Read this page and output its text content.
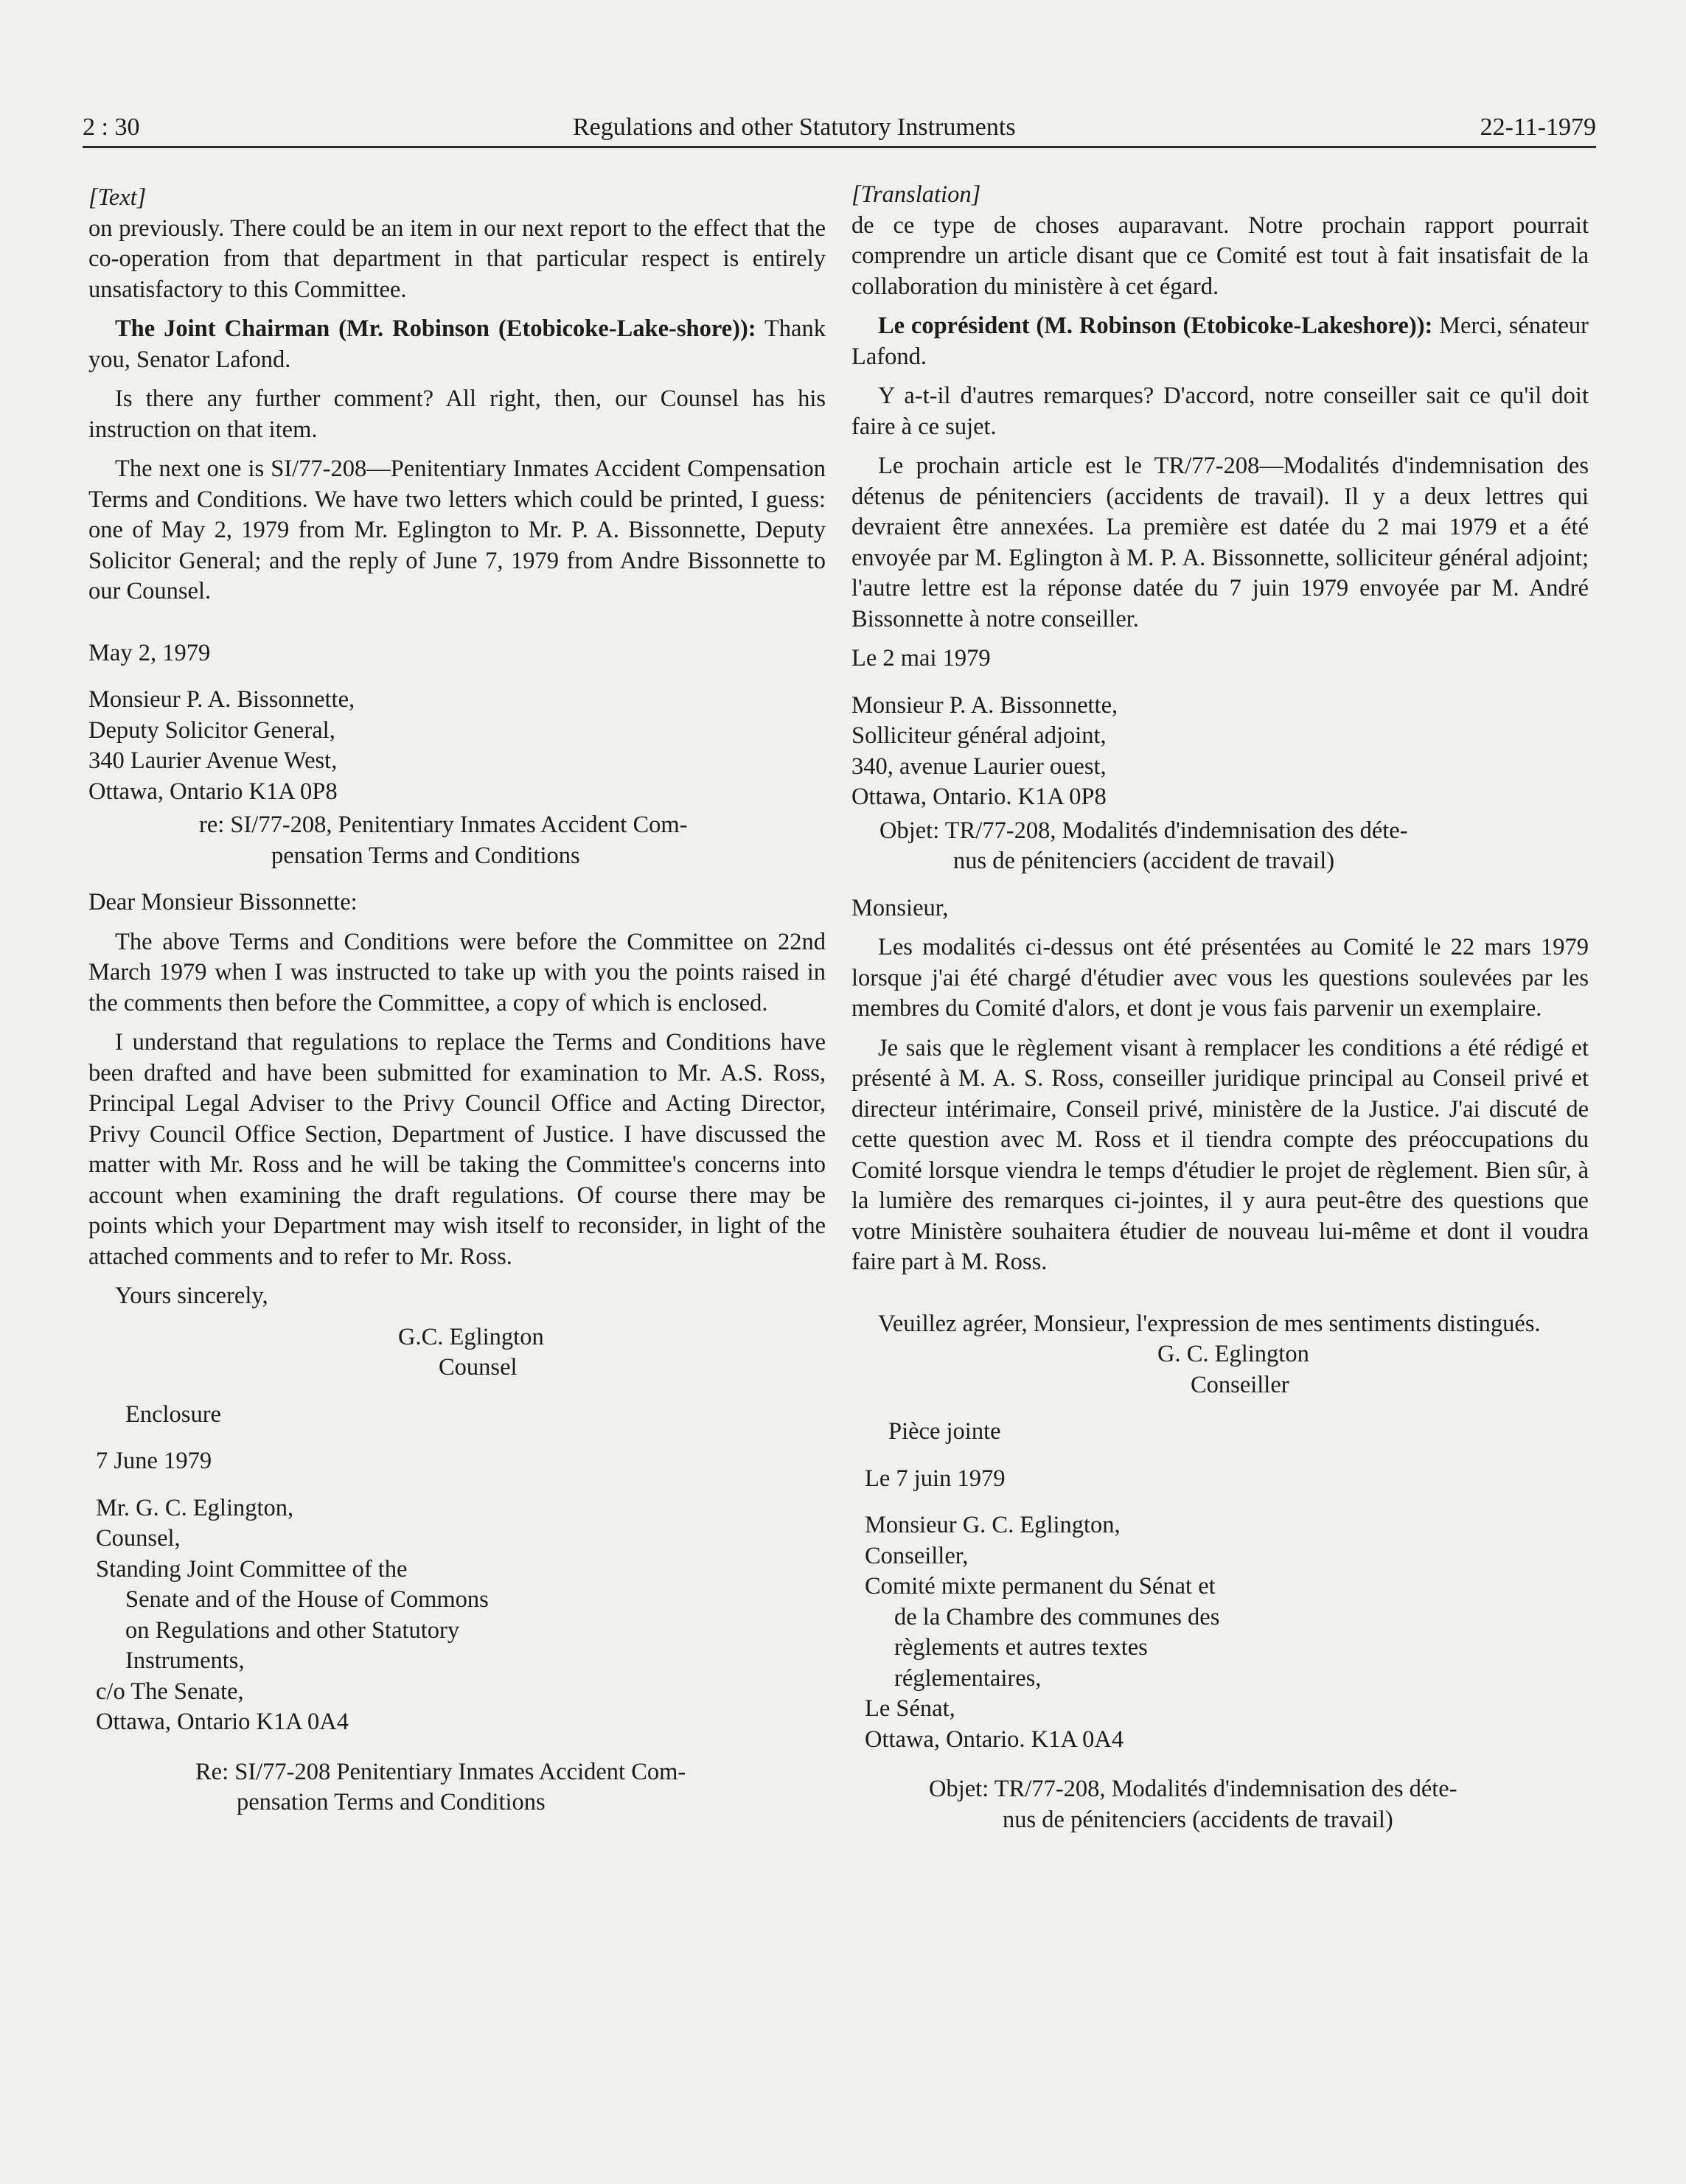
2 : 30	Regulations and other Statutory Instruments	22-11-1979

[Text]

on previously. There could be an item in our next report to the effect that the co-operation from that department in that particular respect is entirely unsatisfactory to this Committee.

The Joint Chairman (Mr. Robinson (Etobicoke-Lake-shore)): Thank you, Senator Lafond.

Is there any further comment? All right, then, our Counsel has his instruction on that item.

The next one is SI/77-208—Penitentiary Inmates Accident Compensation Terms and Conditions. We have two letters which could be printed, I guess: one of May 2, 1979 from Mr. Eglington to Mr. P. A. Bissonnette, Deputy Solicitor General; and the reply of June 7, 1979 from Andre Bissonnette to our Counsel.

May 2, 1979

Monsieur P. A. Bissonnette,
Deputy Solicitor General,
340 Laurier Avenue West,
Ottawa, Ontario K1A 0P8

re: SI/77-208, Penitentiary Inmates Accident Com-
pensation Terms and Conditions

Dear Monsieur Bissonnette:

The above Terms and Conditions were before the Committee on 22nd March 1979 when I was instructed to take up with you the points raised in the comments then before the Committee, a copy of which is enclosed.

I understand that regulations to replace the Terms and Conditions have been drafted and have been submitted for examination to Mr. A.S. Ross, Principal Legal Adviser to the Privy Council Office and Acting Director, Privy Council Office Section, Department of Justice. I have discussed the matter with Mr. Ross and he will be taking the Committee's concerns into account when examining the draft regulations. Of course there may be points which your Department may wish itself to reconsider, in light of the attached comments and to refer to Mr. Ross.

Yours sincerely,

G.C. Eglington
Counsel

Enclosure

7 June 1979

Mr. G. C. Eglington,
Counsel,
Standing Joint Committee of the
Senate and of the House of Commons
on Regulations and other Statutory
Instruments,
c/o The Senate,
Ottawa, Ontario K1A 0A4

Re: SI/77-208 Penitentiary Inmates Accident Com-
pensation Terms and Conditions

[Translation]

de ce type de choses auparavant. Notre prochain rapport pourrait comprendre un article disant que ce Comité est tout à fait insatisfait de la collaboration du ministère à cet égard.

Le coprésident (M. Robinson (Etobicoke-Lakeshore)): Merci, sénateur Lafond.

Y a-t-il d'autres remarques? D'accord, notre conseiller sait ce qu'il doit faire à ce sujet.

Le prochain article est le TR/77-208—Modalités d'indemnisation des détenus de pénitenciers (accidents de travail). Il y a deux lettres qui devraient être annexées. La première est datée du 2 mai 1979 et a été envoyée par M. Eglington à M. P. A. Bissonnette, solliciteur général adjoint; l'autre lettre est la réponse datée du 7 juin 1979 envoyée par M. André Bissonnette à notre conseiller.

Le 2 mai 1979

Monsieur P. A. Bissonnette,
Solliciteur général adjoint,
340, avenue Laurier ouest,
Ottawa, Ontario. K1A 0P8

Objet: TR/77-208, Modalités d'indemnisation des déte-
nus de pénitenciers (accident de travail)

Monsieur,

Les modalités ci-dessus ont été présentées au Comité le 22 mars 1979 lorsque j'ai été chargé d'étudier avec vous les questions soulevées par les membres du Comité d'alors, et dont je vous fais parvenir un exemplaire.

Je sais que le règlement visant à remplacer les conditions a été rédigé et présenté à M. A. S. Ross, conseiller juridique principal au Conseil privé et directeur intérimaire, Conseil privé, ministère de la Justice. J'ai discuté de cette question avec M. Ross et il tiendra compte des préoccupations du Comité lorsque viendra le temps d'étudier le projet de règlement. Bien sûr, à la lumière des remarques ci-jointes, il y aura peut-être des questions que votre Ministère souhaitera étudier de nouveau lui-même et dont il voudra faire part à M. Ross.

Veuillez agréer, Monsieur, l'expression de mes sentiments distingués.

G. C. Eglington
Conseiller

Pièce jointe

Le 7 juin 1979

Monsieur G. C. Eglington,
Conseiller,
Comité mixte permanent du Sénat et
de la Chambre des communes des
règlements et autres textes
réglementaires,
Le Sénat,
Ottawa, Ontario. K1A 0A4

Objet: TR/77-208, Modalités d'indemnisation des déte-
nus de pénitenciers (accidents de travail)
